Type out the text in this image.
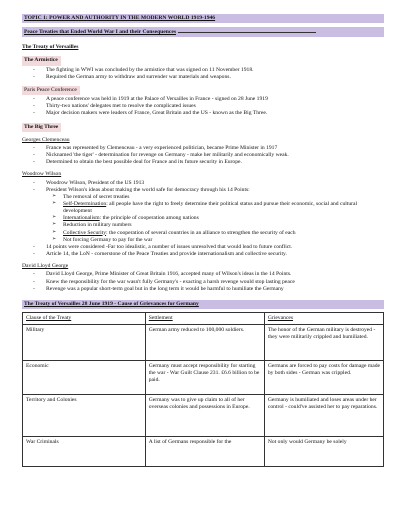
TOPIC 1: POWER AND AUTHORITY IN THE MODERN WORLD 1919-1946
Peace Treaties that Ended World War I and their Consequences
The Treaty of Versailles
The Armistice
- The fighting in WWI was concluded by the armistice that was signed on 11 November 1918.
- Required the German army to withdraw and surrender war materials and weapons.
Paris Peace Conference
- A peace conference was held in 1919 at the Palace of Versailles in France - signed on 28 June 1919
- Thirty-two nations' delegates met to resolve the complicated issues
- Major decision makers were leaders of France, Great Britain and the US - known as the Big Three.
The Big Three
Georges Clemenceau
- France was represented by Clemenceau - a very experienced politician, became Prime Minister in 1917
- Nicknamed 'the tiger' - determination for revenge on Germany - make her militarily and economically weak.
- Determined to obtain the best possible deal for France and its future security in Europe.
Woodrow Wilson
- Woodrow Wilson, President of the US 1913
- President Wilson's ideas about making the world safe for democracy through his 14 Points:
➢ The removal of secret treaties
➢ Self-Determination: all people have the right to freely determine their political status and pursue their economic, social and cultural development
➢ Internationalism: the principle of cooperation among nations
➢ Reduction in military numbers
➢ Collective Security: the cooperation of several countries in an alliance to strengthen the security of each
➢ Not forcing Germany to pay for the war
- 14 points were considered -Far too idealistic, a number of issues unresolved that would lead to future conflict.
- Article 14, the LoN - cornerstone of the Peace Treaties and provide internationalism and collective security.
David Lloyd George
- David Lloyd George, Prime Minister of Great Britain 1916, accepted many of Wilson's ideas in the 14 Points.
- Knew the responsibility for the war wasn't fully Germany's - exacting a harsh revenge would stop lasting peace
- Revenge was a popular short-term goal but in the long term it would be harmful to humiliate the Germany
The Treaty of Versailles 28 June 1919 - Cause of Grievances for Germany
Clause of the Treaty	Settlement	Grievances
Military	German army reduced to 100,000 soldiers.	The honor of the German military is destroyed - they were militarily crippled and humiliated.
Economic	Germany must accept responsibility for starting the war - War Guilt Clause 231. £6.6 billion to be paid.	Germans are forced to pay costs for damage made by both sides - German was crippled.
Territory and Colonies	Germany was to give up claim to all of her overseas colonies and possessions in Europe.	Germany is humiliated and loses areas under her control - could've assisted her to pay reparations.
War Criminals	A list of Germans responsible for the	Not only would Germany be solely
